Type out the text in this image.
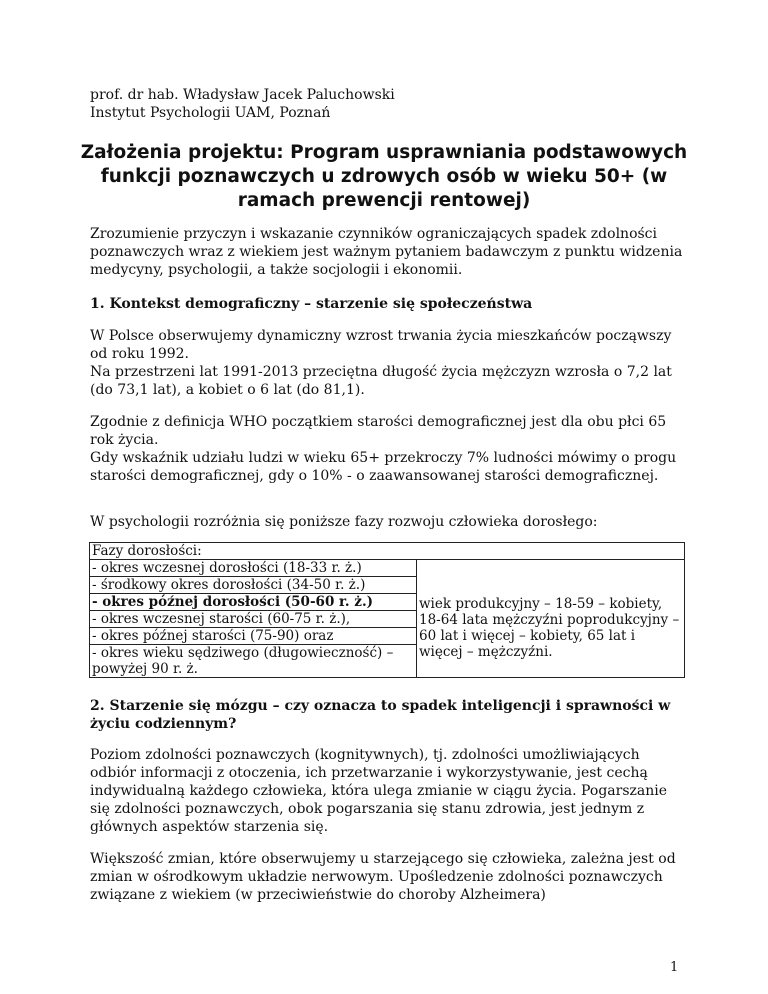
prof. dr hab. Władysław Jacek Paluchowski
Instytut Psychologii UAM, Poznań
Założenia projektu: Program usprawniania podstawowych funkcji poznawczych u zdrowych osób w wieku 50+ (w ramach prewencji rentowej)

Zrozumienie przyczyn i wskazanie czynników ograniczających spadek zdolności poznawczych wraz z wiekiem jest ważnym pytaniem badawczym z punktu widzenia medycyny, psychologii, a także socjologii i ekonomii.

1. Kontekst demograficzny – starzenie się społeczeństwa

W Polsce obserwujemy dynamiczny wzrost trwania życia mieszkańców począwszy od roku 1992.

Na przestrzeni lat 1991-2013 przeciętna długość życia mężczyzn wzrosła o 7,2 lat (do 73,1 lat), a kobiet o 6 lat (do 81,1).

Zgodnie z definicja WHO początkiem starości demograficznej jest dla obu płci 65 rok życia.

Gdy wskaźnik udziału ludzi w wieku 65+ przekroczy 7% ludności mówimy o progu starości demograficznej, gdy o 10% - o zaawansowanej starości demograficznej.

W psychologii rozróżnia się poniższe fazy rozwoju człowieka dorosłego:

Fazy dorosłości:

- okres wczesnej dorosłości (18-33 r. ż.)
- środkowy okres dorosłości (34-50 r. ż.)
- okres późnej dorosłości (50-60 r. ż.)
- okres wczesnej starości (60-75 r. ż.),
- okres późnej starości (75-90) oraz
- okres wieku sędziwego (długowieczność) – powyżej 90 r. ż.
	wiek produkcyjny – 18-59 – kobiety, 18-64 lata mężczyźni poprodukcyjny – 60 lat i więcej – kobiety, 65 lat i więcej – mężczyźni.

2. Starzenie się mózgu – czy oznacza to spadek inteligencji i sprawności w życiu codziennym?

Poziom zdolności poznawczych (kognitywnych), tj. zdolności umożliwiających odbiór informacji z otoczenia, ich przetwarzanie i wykorzystywanie, jest cechą indywidualną każdego człowieka, która ulega zmianie w ciągu życia. Pogarszanie się zdolności poznawczych, obok pogarszania się stanu zdrowia, jest jednym z głównych aspektów starzenia się.

Większość zmian, które obserwujemy u starzejącego się człowieka, zależna jest od zmian w ośrodkowym układzie nerwowym. Upośledzenie zdolności poznawczych związane z wiekiem (w przeciwieństwie do choroby Alzheimera)

1
